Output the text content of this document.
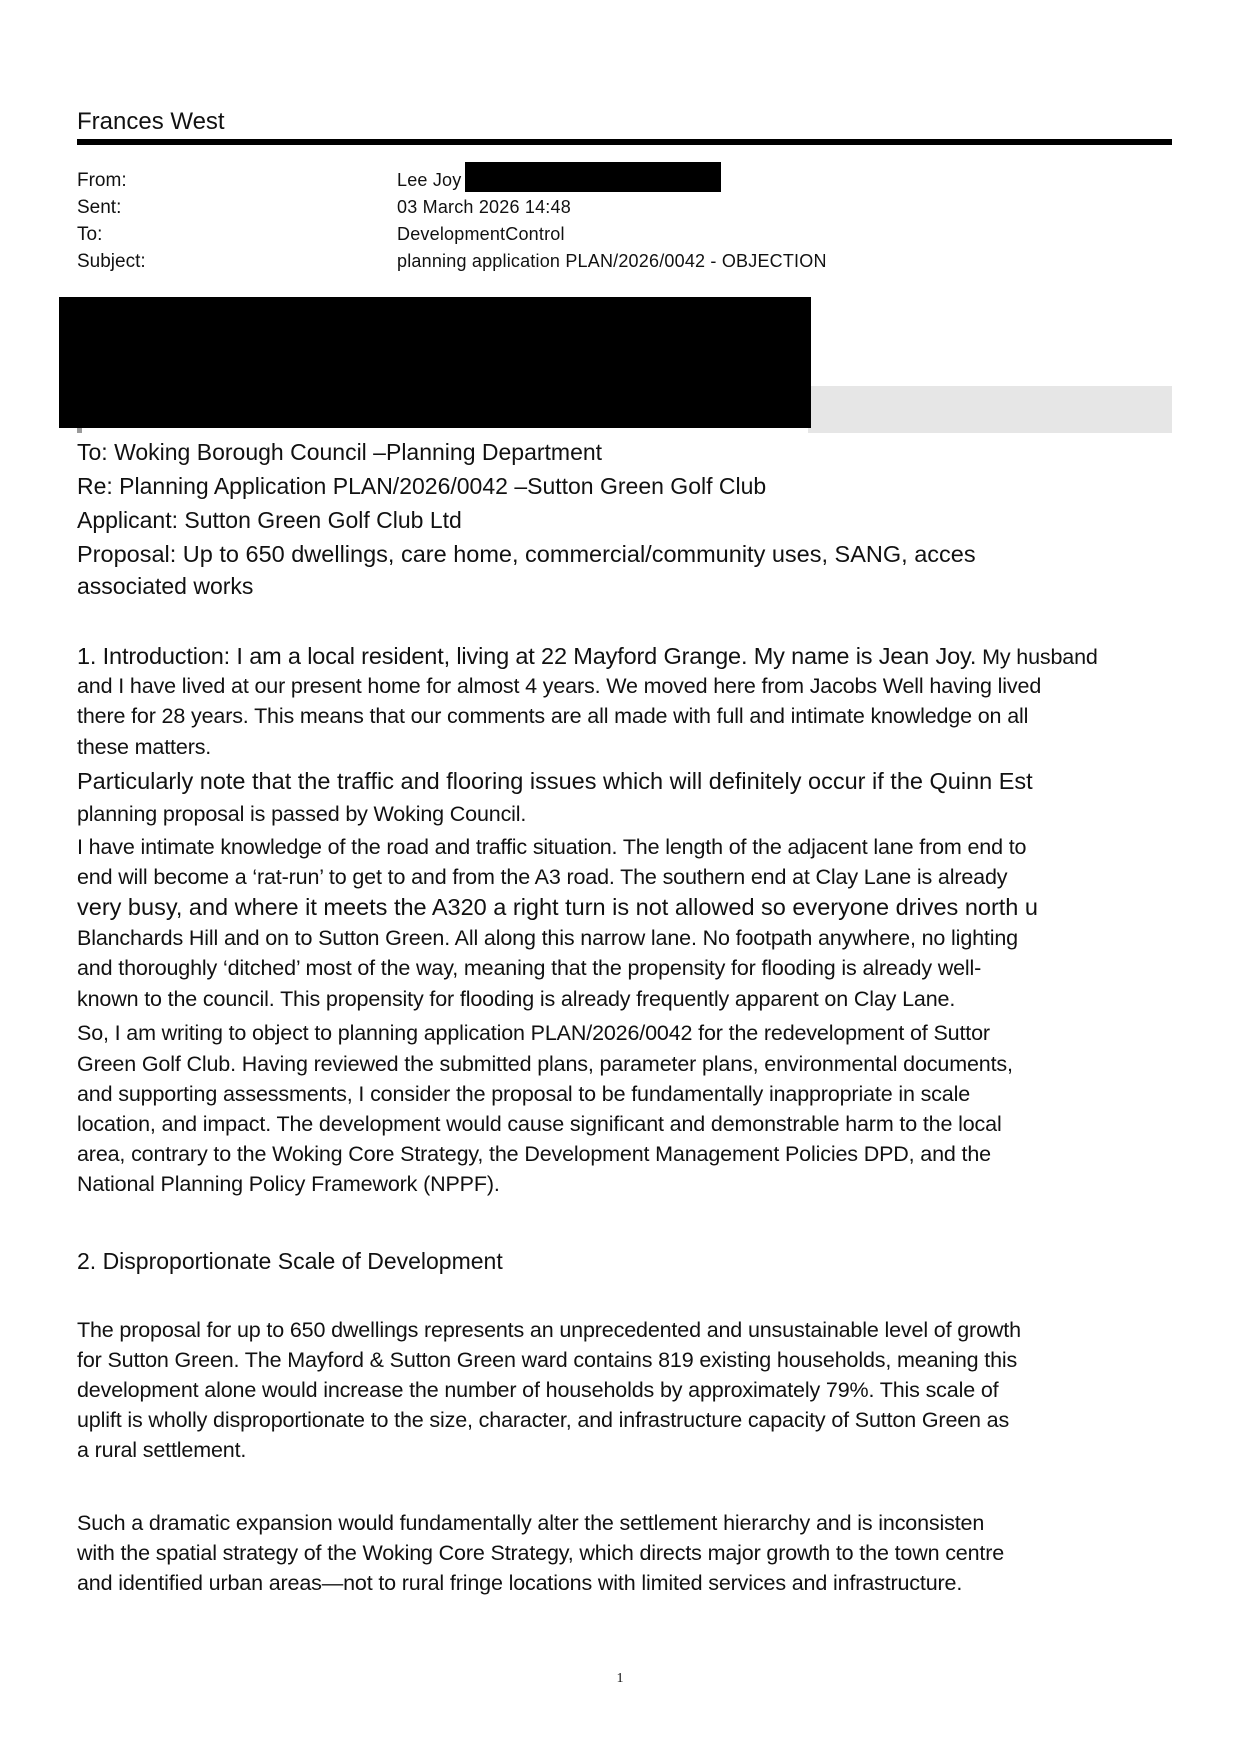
Frances West
From:	Lee Joy
Sent:	03 March 2026 14:48
To:	DevelopmentControl
Subject:	planning application PLAN/2026/0042 - OBJECTION
To: Woking Borough Council –Planning Department
Re: Planning Application PLAN/2026/0042 –Sutton Green Golf Club
Applicant: Sutton Green Golf Club Ltd
Proposal: Up to 650 dwellings, care home, commercial/community uses, SANG, acces
associated works
1. Introduction: I am a local resident, living at 22 Mayford Grange. My name is Jean Joy. My husband
and I have lived at our present home for almost 4 years. We moved here from Jacobs Well having lived
there for 28 years. This means that our comments are all made with full and intimate knowledge on all
these matters.
Particularly note that the traffic and flooring issues which will definitely occur if the Quinn Est
planning proposal is passed by Woking Council.
I have intimate knowledge of the road and traffic situation. The length of the adjacent lane from end to
end will become a ‘rat-run’ to get to and from the A3 road. The southern end at Clay Lane is already
very busy, and where it meets the A320 a right turn is not allowed so everyone drives north u
Blanchards Hill and on to Sutton Green. All along this narrow lane. No footpath anywhere, no lighting
and thoroughly ‘ditched’ most of the way, meaning that the propensity for flooding is already well-
known to the council. This propensity for flooding is already frequently apparent on Clay Lane.
So, I am writing to object to planning application PLAN/2026/0042 for the redevelopment of Suttor
Green Golf Club. Having reviewed the submitted plans, parameter plans, environmental documents,
and supporting assessments, I consider the proposal to be fundamentally inappropriate in scale
location, and impact. The development would cause significant and demonstrable harm to the local
area, contrary to the Woking Core Strategy, the Development Management Policies DPD, and the
National Planning Policy Framework (NPPF).
2. Disproportionate Scale of Development
The proposal for up to 650 dwellings represents an unprecedented and unsustainable level of growth
for Sutton Green. The Mayford & Sutton Green ward contains 819 existing households, meaning this
development alone would increase the number of households by approximately 79%. This scale of
uplift is wholly disproportionate to the size, character, and infrastructure capacity of Sutton Green as
a rural settlement.
Such a dramatic expansion would fundamentally alter the settlement hierarchy and is inconsisten
with the spatial strategy of the Woking Core Strategy, which directs major growth to the town centre
and identified urban areas—not to rural fringe locations with limited services and infrastructure.
1
